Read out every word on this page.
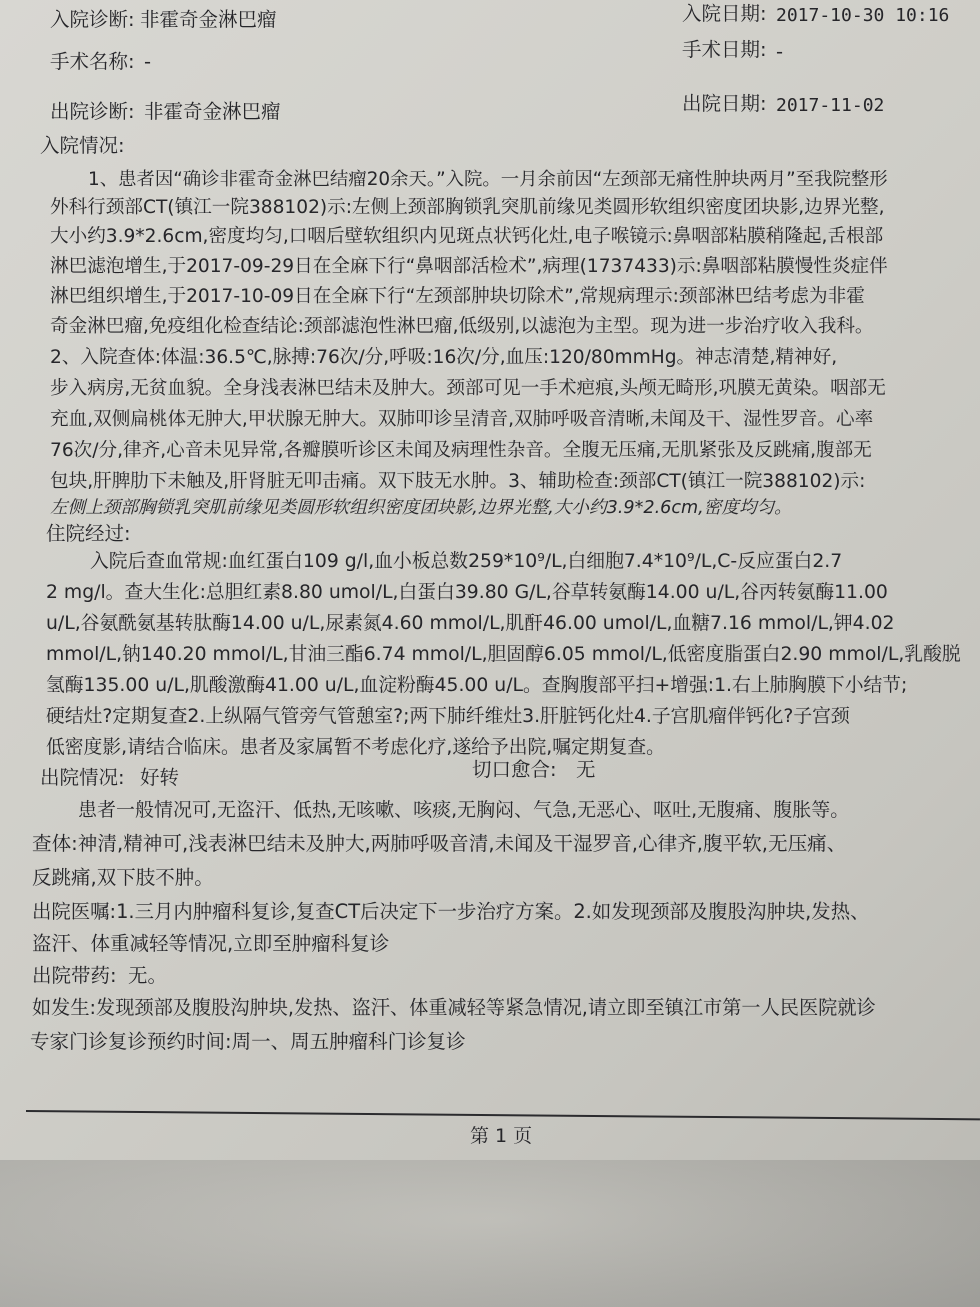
入院诊断: 非霍奇金淋巴瘤	入院日期: 2017-10-30 10:16
手术名称: -
手术日期: -
出院诊断: 非霍奇金淋巴瘤	出院日期: 2017-11-02
入院情况:
1、患者因“确诊非霍奇金淋巴结瘤20余天。”入院。一月余前因“左颈部无痛性肿块两月”至我院整形
外科行颈部CT(镇江一院388102)示:左侧上颈部胸锁乳突肌前缘见类圆形软组织密度团块影,边界光整,
大小约3.9*2.6cm,密度均匀,口咽后壁软组织内见斑点状钙化灶,电子喉镜示:鼻咽部粘膜稍隆起,舌根部
淋巴滤泡增生,于2017-09-29日在全麻下行“鼻咽部活检术”,病理(1737433)示:鼻咽部粘膜慢性炎症伴
淋巴组织增生,于2017-10-09日在全麻下行“左颈部肿块切除术”,常规病理示:颈部淋巴结考虑为非霍
奇金淋巴瘤,免疫组化检查结论:颈部滤泡性淋巴瘤,低级别,以滤泡为主型。现为进一步治疗收入我科。
2、入院查体:体温:36.5℃,脉搏:76次/分,呼吸:16次/分,血压:120/80mmHg。神志清楚,精神好,
步入病房,无贫血貌。全身浅表淋巴结未及肿大。颈部可见一手术疤痕,头颅无畸形,巩膜无黄染。咽部无
充血,双侧扁桃体无肿大,甲状腺无肿大。双肺叩诊呈清音,双肺呼吸音清晰,未闻及干、湿性罗音。心率
76次/分,律齐,心音未见异常,各瓣膜听诊区未闻及病理性杂音。全腹无压痛,无肌紧张及反跳痛,腹部无
包块,肝脾肋下未触及,肝肾脏无叩击痛。双下肢无水肿。3、辅助检查:颈部CT(镇江一院388102)示:
左侧上颈部胸锁乳突肌前缘见类圆形软组织密度团块影,边界光整,大小约3.9*2.6cm,密度均匀。
住院经过:
入院后查血常规:血红蛋白109 g/l,血小板总数259*10⁹/L,白细胞7.4*10⁹/L,C-反应蛋白2.7
2 mg/l。查大生化:总胆红素8.80 umol/L,白蛋白39.80 G/L,谷草转氨酶14.00 u/L,谷丙转氨酶11.00
u/L,谷氨酰氨基转肽酶14.00 u/L,尿素氮4.60 mmol/L,肌酐46.00 umol/L,血糖7.16 mmol/L,钾4.02
mmol/L,钠140.20 mmol/L,甘油三酯6.74 mmol/L,胆固醇6.05 mmol/L,低密度脂蛋白2.90 mmol/L,乳酸脱
氢酶135.00 u/L,肌酸激酶41.00 u/L,血淀粉酶45.00 u/L。查胸腹部平扫+增强:1.右上肺胸膜下小结节;
硬结灶?定期复查2.上纵隔气管旁气管憩室?;两下肺纤维灶3.肝脏钙化灶4.子宫肌瘤伴钙化?子宫颈
低密度影,请结合临床。患者及家属暂不考虑化疗,遂给予出院,嘱定期复查。
出院情况: 好转	切口愈合: 无
患者一般情况可,无盗汗、低热,无咳嗽、咳痰,无胸闷、气急,无恶心、呕吐,无腹痛、腹胀等。
查体:神清,精神可,浅表淋巴结未及肿大,两肺呼吸音清,未闻及干湿罗音,心律齐,腹平软,无压痛、
反跳痛,双下肢不肿。
出院医嘱:1.三月内肿瘤科复诊,复查CT后决定下一步治疗方案。2.如发现颈部及腹股沟肿块,发热、
盗汗、体重减轻等情况,立即至肿瘤科复诊
出院带药: 无。
如发生:发现颈部及腹股沟肿块,发热、盗汗、体重减轻等紧急情况,请立即至镇江市第一人民医院就诊
专家门诊复诊预约时间:周一、周五肿瘤科门诊复诊
第 1 页
